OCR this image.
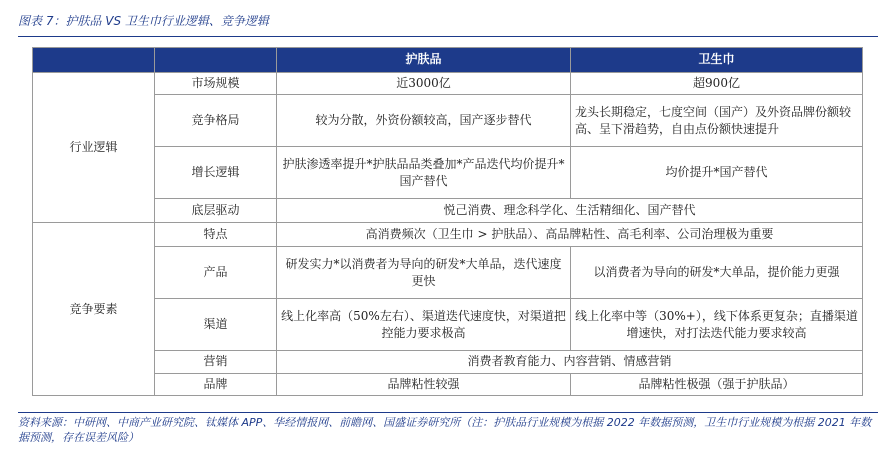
图表 7：护肤品 VS 卫生巾行业逻辑、竞争逻辑
		护肤品	卫生巾
行业逻辑	市场规模	近3000亿	超900亿
	竞争格局	较为分散，外资份额较高，国产逐步替代	龙头长期稳定，七度空间（国产）及外资品牌份额较高、呈下滑趋势，自由点份额快速提升
	增长逻辑	护肤渗透率提升*护肤品品类叠加*产品迭代均价提升*国产替代	均价提升*国产替代
	底层驱动	悦己消费、理念科学化、生活精细化、国产替代	
竞争要素	特点	高消费频次（卫生巾 > 护肤品）、高品牌粘性、高毛利率、公司治理极为重要	
	产品	研发实力*以消费者为导向的研发*大单品，迭代速度更快	以消费者为导向的研发*大单品，提价能力更强
	渠道	线上化率高（50%左右）、渠道迭代速度快，对渠道把控能力要求极高	线上化率中等（30%+），线下体系更复杂；直播渠道增速快，对打法迭代能力要求较高
	营销	消费者教育能力、内容营销、情感营销	
	品牌	品牌粘性较强	品牌粘性极强（强于护肤品）
资料来源：中研网、中商产业研究院、钛媒体 APP、华经情报网、前瞻网、国盛证券研究所（注：护肤品行业规模为根据 2022 年数据预测，卫生巾行业规模为根据 2021 年数据预测，存在误差风险）
